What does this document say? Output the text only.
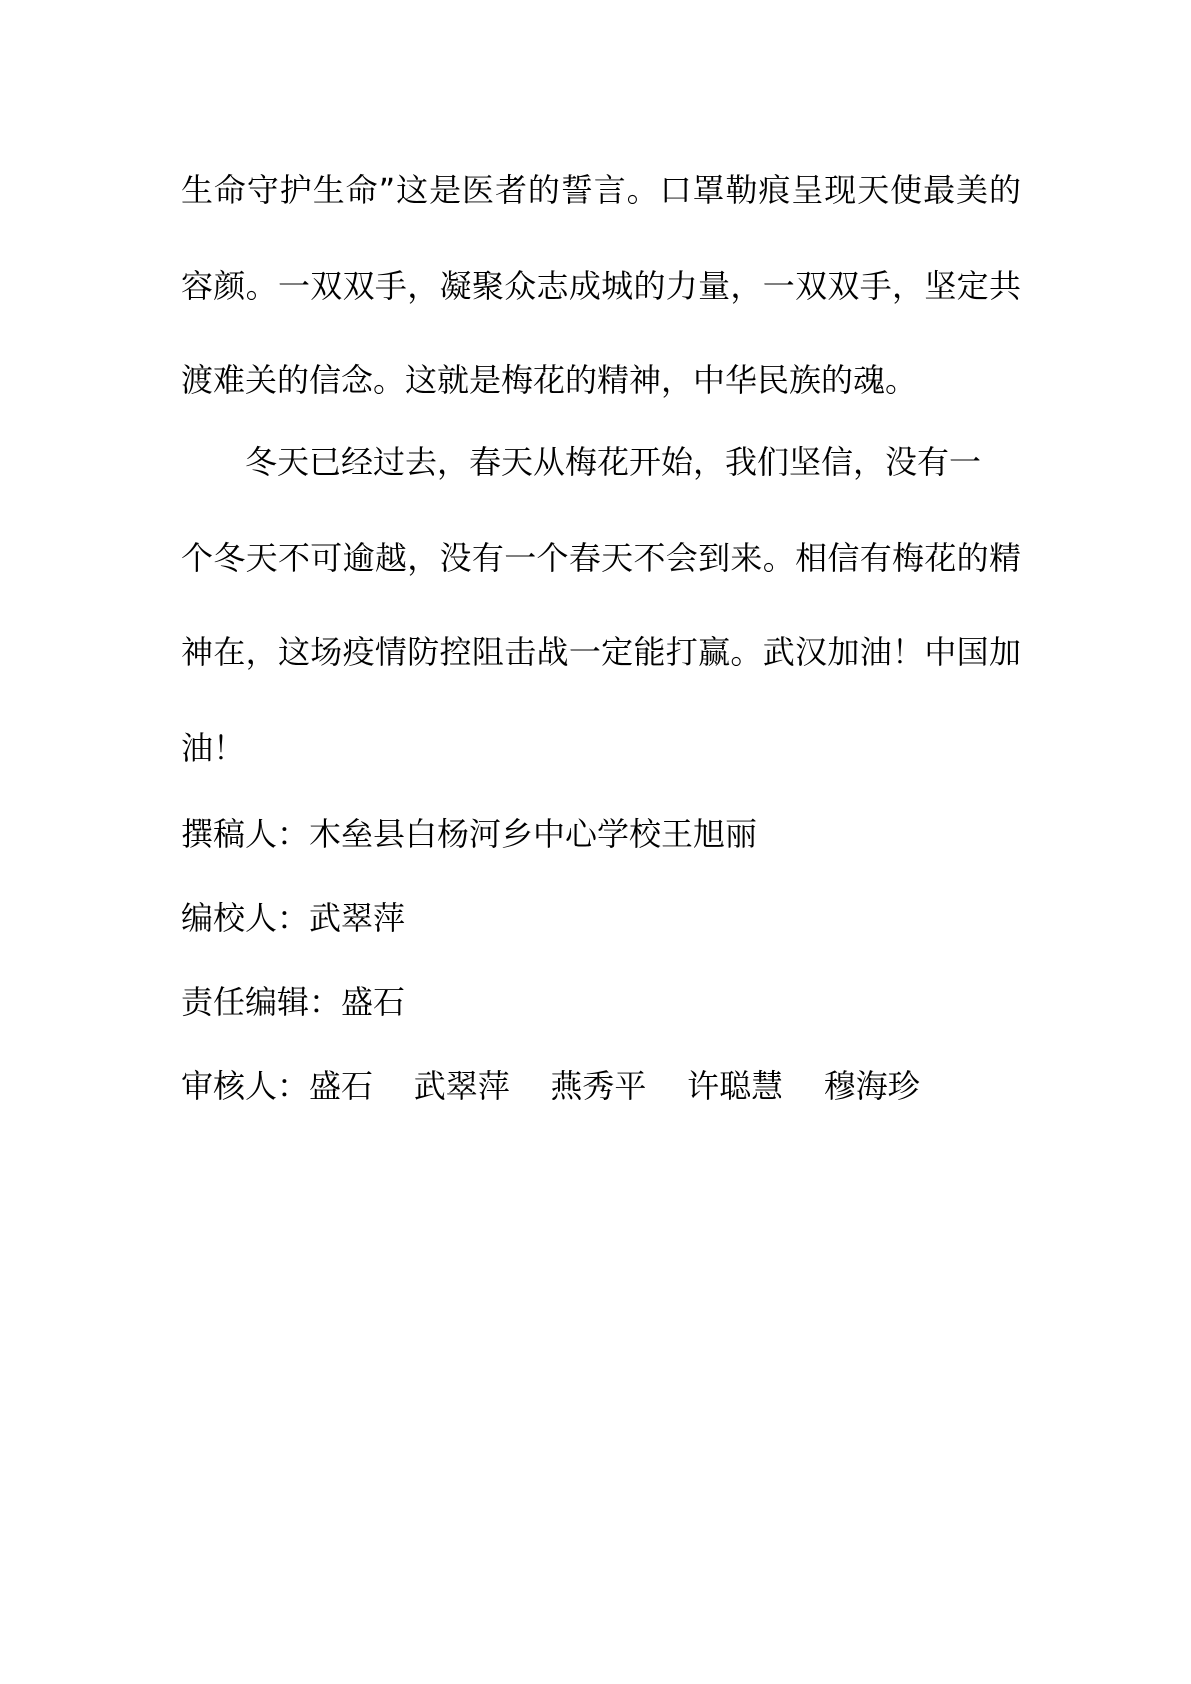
生命守护生命”这是医者的誓言。口罩勒痕呈现天使最美的
容颜。一双双手，凝聚众志成城的力量，一双双手，坚定共
渡难关的信念。这就是梅花的精神，中华民族的魂。
冬天已经过去，春天从梅花开始，我们坚信，没有一
个冬天不可逾越，没有一个春天不会到来。相信有梅花的精
神在，这场疫情防控阻击战一定能打赢。武汉加油！中国加
油！
撰稿人：木垒县白杨河乡中心学校王旭丽
编校人：武翠萍
责任编辑：盛石
审核人：盛石    武翠萍    燕秀平    许聪慧    穆海珍
